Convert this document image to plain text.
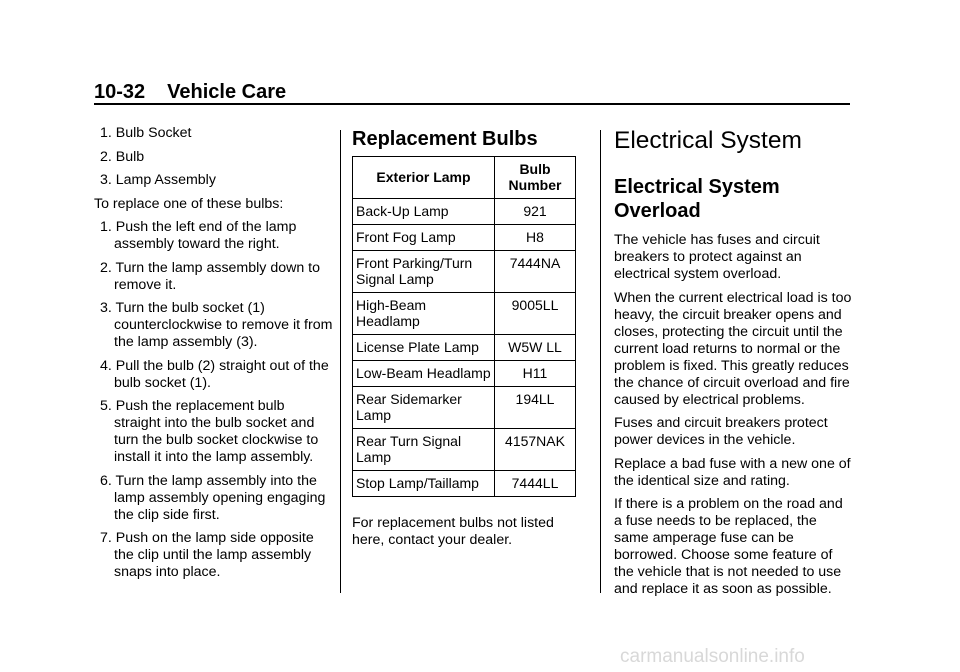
10-32 Vehicle Care
1. Bulb Socket
2. Bulb
3. Lamp Assembly

To replace one of these bulbs:

1. Push the left end of the lamp assembly toward the right.
2. Turn the lamp assembly down to remove it.
3. Turn the bulb socket (1) counterclockwise to remove it from the lamp assembly (3).
4. Pull the bulb (2) straight out of the bulb socket (1).
5. Push the replacement bulb straight into the bulb socket and turn the bulb socket clockwise to install it into the lamp assembly.
6. Turn the lamp assembly into the lamp assembly opening engaging the clip side first.
7. Push on the lamp side opposite the clip until the lamp assembly snaps into place.
Replacement Bulbs
Exterior Lamp	Bulb Number
Back-Up Lamp	921
Front Fog Lamp	H8
Front Parking/Turn Signal Lamp	7444NA
High-Beam Headlamp	9005LL
License Plate Lamp	W5W LL
Low-Beam Headlamp	H11
Rear Sidemarker Lamp	194LL
Rear Turn Signal Lamp	4157NAK
Stop Lamp/Taillamp	7444LL

For replacement bulbs not listed here, contact your dealer.

Electrical System
Electrical System Overload

The vehicle has fuses and circuit breakers to protect against an electrical system overload.

When the current electrical load is too heavy, the circuit breaker opens and closes, protecting the circuit until the current load returns to normal or the problem is fixed. This greatly reduces the chance of circuit overload and fire caused by electrical problems.

Fuses and circuit breakers protect power devices in the vehicle.

Replace a bad fuse with a new one of the identical size and rating.

If there is a problem on the road and a fuse needs to be replaced, the same amperage fuse can be borrowed. Choose some feature of the vehicle that is not needed to use and replace it as soon as possible.

carmanualsonline.info
